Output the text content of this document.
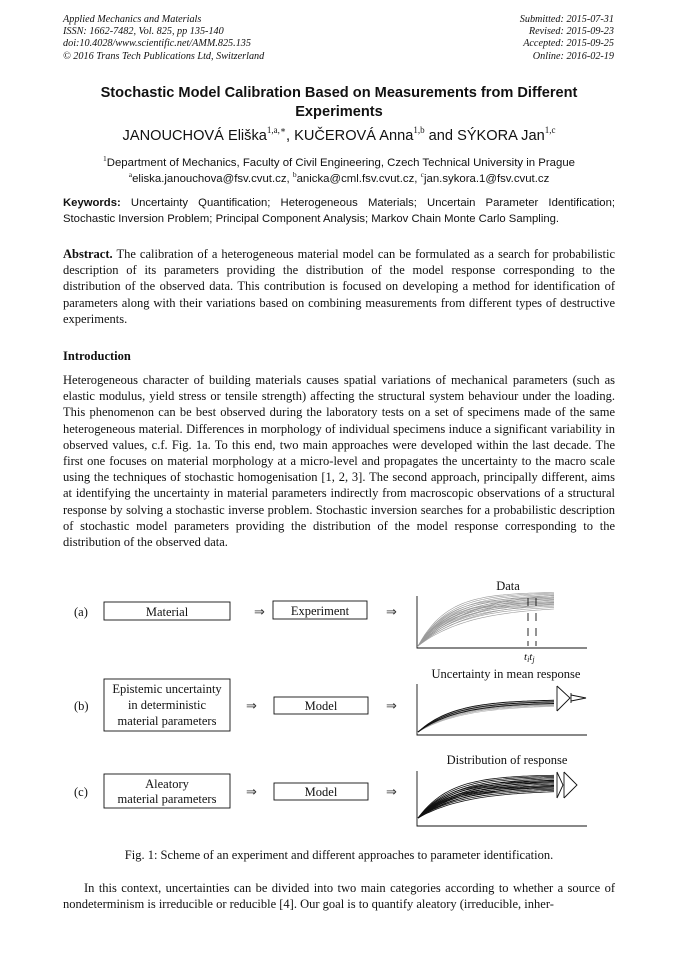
Applied Mechanics and Materials
ISSN: 1662-7482, Vol. 825, pp 135-140
doi:10.4028/www.scientific.net/AMM.825.135
© 2016 Trans Tech Publications Ltd, Switzerland
Submitted: 2015-07-31
Revised: 2015-09-23
Accepted: 2015-09-25
Online: 2016-02-19
Stochastic Model Calibration Based on Measurements from Different Experiments
JANOUCHOVÁ Eliška$^{1,a,∗}$, KUČEROVÁ Anna$^{1,b}$ and SÝKORA Jan$^{1,c}$
$^1$Department of Mechanics, Faculty of Civil Engineering, Czech Technical University in Prague
$^a$eliska.janouchova@fsv.cvut.cz, $^b$anicka@cml.fsv.cvut.cz, $^c$jan.sykora.1@fsv.cvut.cz
Keywords: Uncertainty Quantification; Heterogeneous Materials; Uncertain Parameter Identification; Stochastic Inversion Problem; Principal Component Analysis; Markov Chain Monte Carlo Sampling.
Abstract. The calibration of a heterogeneous material model can be formulated as a search for probabilistic description of its parameters providing the distribution of the model response corresponding to the distribution of the observed data. This contribution is focused on developing a method for identification of parameters along with their variations based on combining measurements from different types of destructive experiments.
Introduction
Heterogeneous character of building materials causes spatial variations of mechanical parameters (such as elastic modulus, yield stress or tensile strength) affecting the structural system behaviour under the loading. This phenomenon can be best observed during the laboratory tests on a set of specimens made of the same heterogeneous material. Differences in morphology of individual specimens induce a significant variability in observed values, c.f. Fig. 1a. To this end, two main approaches were developed within the last decade. The first one focuses on material morphology at a micro-level and propagates the uncertainty to the macro scale using the techniques of stochastic homogenisation [1, 2, 3]. The second approach, principally different, aims at identifying the uncertainty in material parameters indirectly from macroscopic observations of a structural response by solving a stochastic inverse problem. Stochastic inversion searches for a probabilistic description of stochastic model parameters providing the distribution of the model response corresponding to the distribution of the observed data.
(a)	Material	⇒ Experiment	⇒
Data
titj
(b)
Epistemic uncertainty
in deterministic
material parameters
⇒	Model	⇒
Uncertainty in mean response
(c)
Aleatory
material parameters ⇒	Model	⇒
Distribution of response
Fig. 1: Scheme of an experiment and different approaches to parameter identification.
In this context, uncertainties can be divided into two main categories according to whether a source of nondeterminism is irreducible or reducible [4]. Our goal is to quantify aleatory (irreducible, inher-
